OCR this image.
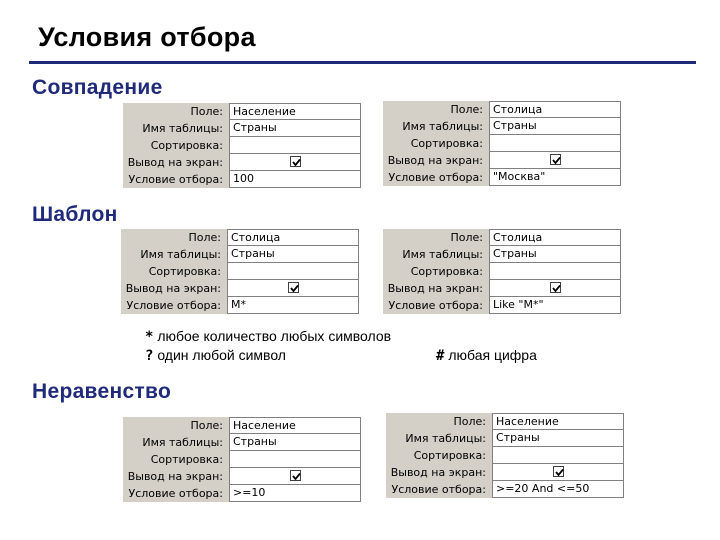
Условия отбора
Совпадение
Поле: Население
Имя таблицы: Страны
Сортировка:
Вывод на экран:
Условие отбора: 100
Поле: Столица
Имя таблицы: Страны
Сортировка:
Вывод на экран:
Условие отбора: "Москва"
Шаблон
Поле: Столица
Имя таблицы: Страны
Сортировка:
Вывод на экран:
Условие отбора: M*
Поле: Столица
Имя таблицы: Страны
Сортировка:
Вывод на экран:
Условие отбора: Like "M*"
* любое количество любых символов
? один любой символ	# любая цифра
Неравенство
Поле: Население
Имя таблицы: Страны
Сортировка:
Вывод на экран:
Условие отбора: >=10
Поле: Население
Имя таблицы: Страны
Сортировка:
Вывод на экран:
Условие отбора: >=20 And <=50
